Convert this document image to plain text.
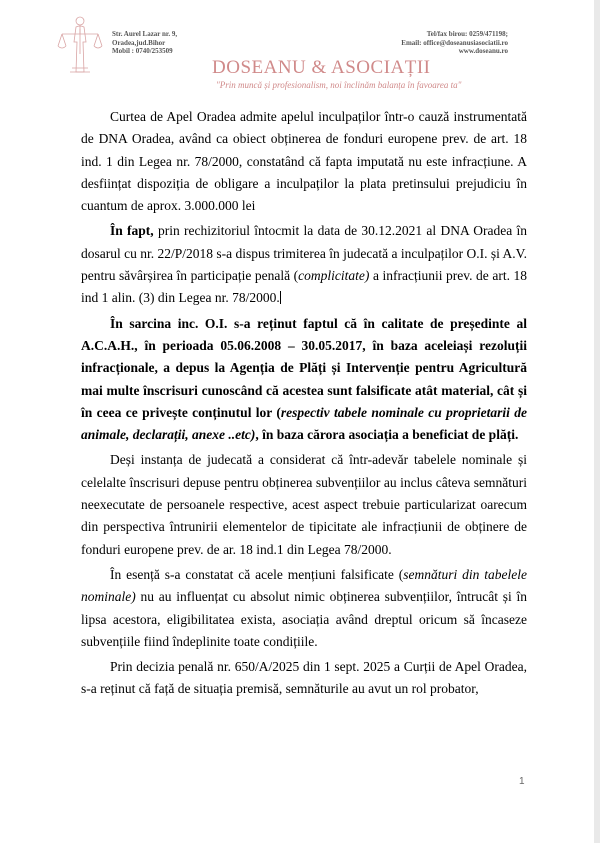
Str. Aurel Lazar nr. 9,
Oradea,jud.Bihor
Mobil : 0740/253509
Tel/fax birou: 0259/471198;
Email: office@doseanusiasociatii.ro
www.doseanu.ro
DOSEANU & ASOCIAȚII
"Prin muncă și profesionalism, noi înclinăm balanța în favoarea ta"

Curtea de Apel Oradea admite apelul inculpaților într-o cauză instrumentată de DNA Oradea, având ca obiect obținerea de fonduri europene prev. de art. 18 ind. 1 din Legea nr. 78/2000, constatând că fapta imputată nu este infracțiune. A desființat dispoziția de obligare a inculpaților la plata pretinsului prejudiciu în cuantum de aprox. 3.000.000 lei

În fapt, prin rechizitoriul întocmit la data de 30.12.2021 al DNA Oradea în dosarul cu nr. 22/P/2018 s-a dispus trimiterea în judecată a inculpaților O.I. și A.V. pentru săvârșirea în participație penală (complicitate) a infracțiunii prev. de art. 18 ind 1 alin. (3) din Legea nr. 78/2000.

În sarcina inc. O.I. s-a reținut faptul că în calitate de președinte al A.C.A.H., în perioada 05.06.2008 – 30.05.2017, în baza aceleiași rezoluții infracționale, a depus la Agenția de Plăți și Intervenție pentru Agricultură mai multe înscrisuri cunoscând că acestea sunt falsificate atât material, cât și în ceea ce privește conținutul lor (respectiv tabele nominale cu proprietarii de animale, declarații, anexe ..etc), în baza cărora asociația a beneficiat de plăți.

Deși instanța de judecată a considerat că într-adevăr tabelele nominale și celelalte înscrisuri depuse pentru obținerea subvențiilor au inclus câteva semnături neexecutate de persoanele respective, acest aspect trebuie particularizat oarecum din perspectiva întrunirii elementelor de tipicitate ale infracțiunii de obținere de fonduri europene prev. de ar. 18 ind.1 din Legea 78/2000.

În esență s-a constatat că acele mențiuni falsificate (semnături din tabelele nominale) nu au influențat cu absolut nimic obținerea subvențiilor, întrucât și în lipsa acestora, eligibilitatea exista, asociația având dreptul oricum să încaseze subvențiile fiind îndeplinite toate condițiile.

Prin decizia penală nr. 650/A/2025 din 1 sept. 2025 a Curții de Apel Oradea, s-a reținut că față de situația premisă, semnăturile au avut un rol probator,

1
